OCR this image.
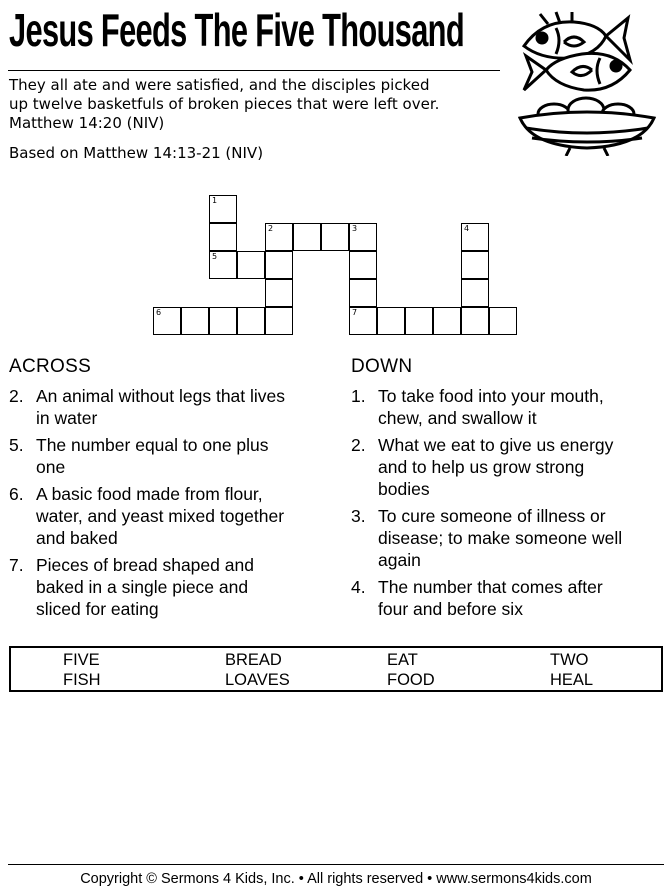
Jesus Feeds The Five Thousand
They all ate and were satisfied, and the disciples picked
up twelve basketfuls of broken pieces that were left over.
Matthew 14:20 (NIV)
Based on Matthew 14:13-21 (NIV)
1
5
2	3
6	7
4
ACROSS
2. An animal without legs that lives
in water
5. The number equal to one plus
one
6. A basic food made from flour,
water, and yeast mixed together
and baked
7. Pieces of bread shaped and
baked in a single piece and
sliced for eating
DOWN
1. To take food into your mouth,
chew, and swallow it
2. What we eat to give us energy
and to help us grow strong
bodies
3. To cure someone of illness or
disease; to make someone well
again
4. The number that comes after
four and before six
FIVE	BREAD	EAT	TWO
FISH	LOAVES	FOOD	HEAL
Copyright © Sermons 4 Kids, Inc. • All rights reserved • www.sermons4kids.com
